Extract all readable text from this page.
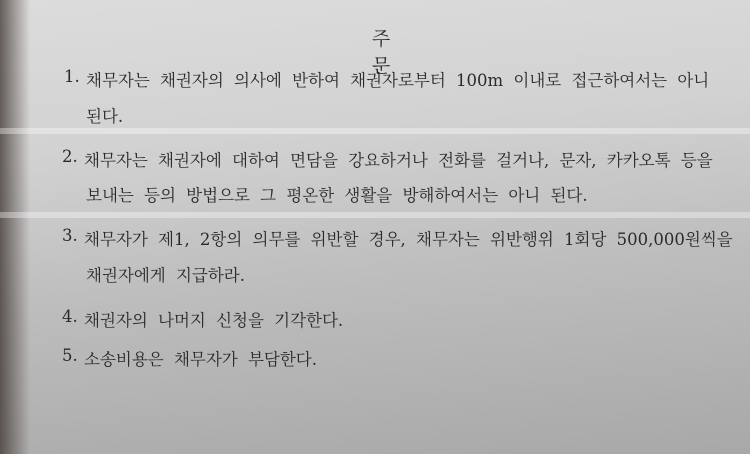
주 문
1. 채무자는 채권자의 의사에 반하여 채권자로부터 100m 이내로 접근하여서는 아니
된다.
2. 채무자는 채권자에 대하여 면담을 강요하거나 전화를 걸거나, 문자, 카카오톡 등을
보내는 등의 방법으로 그 평온한 생활을 방해하여서는 아니 된다.
3. 채무자가 제1, 2항의 의무를 위반할 경우, 채무자는 위반행위 1회당 500,000원씩을
채권자에게 지급하라.
4. 채권자의 나머지 신청을 기각한다.
5. 소송비용은 채무자가 부담한다.
